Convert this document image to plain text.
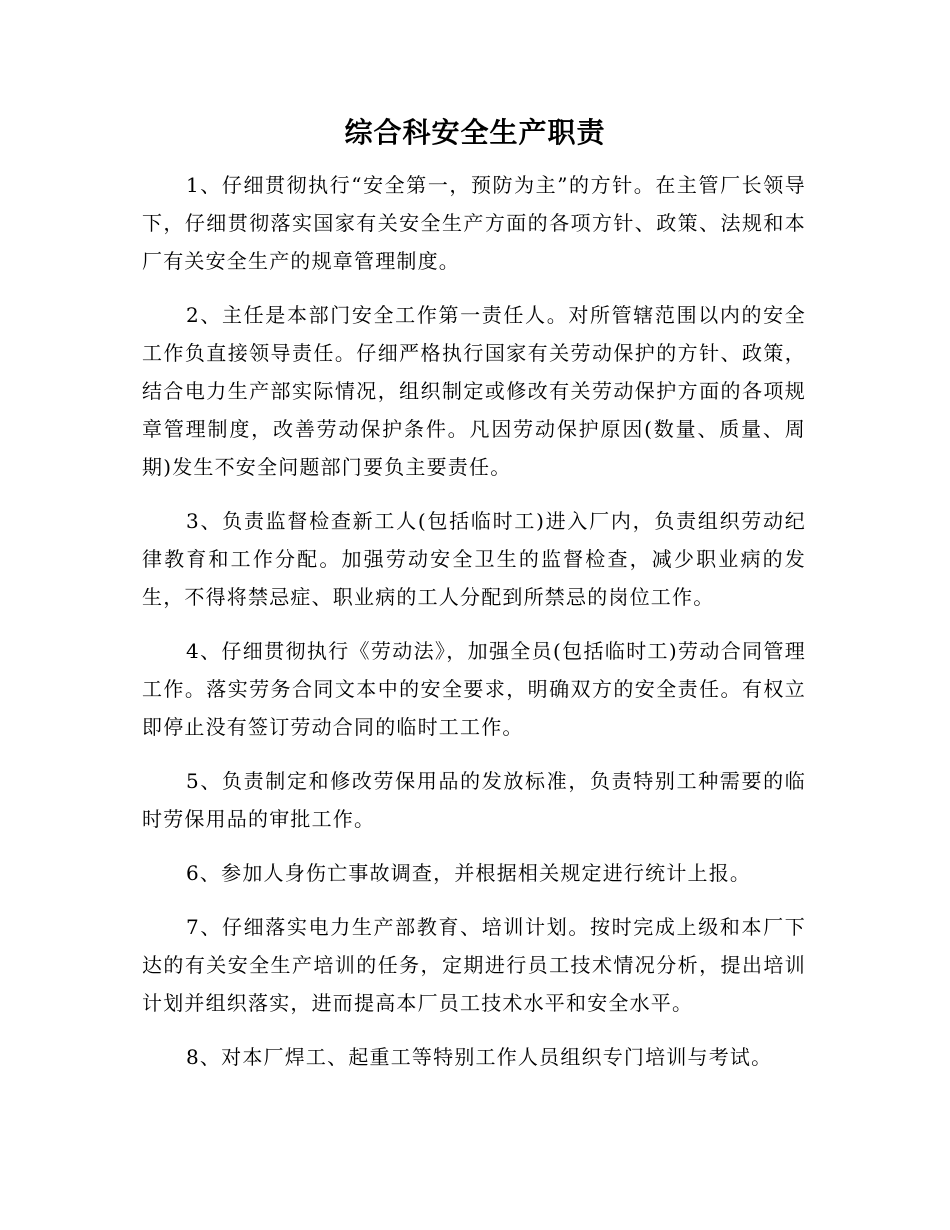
综合科安全生产职责

1、仔细贯彻执行“安全第一，预防为主”的方针。在主管厂长领导下，仔细贯彻落实国家有关安全生产方面的各项方针、政策、法规和本厂有关安全生产的规章管理制度。

2、主任是本部门安全工作第一责任人。对所管辖范围以内的安全工作负直接领导责任。仔细严格执行国家有关劳动保护的方针、政策，结合电力生产部实际情况，组织制定或修改有关劳动保护方面的各项规章管理制度，改善劳动保护条件。凡因劳动保护原因(数量、质量、周期)发生不安全问题部门要负主要责任。

3、负责监督检查新工人(包括临时工)进入厂内，负责组织劳动纪律教育和工作分配。加强劳动安全卫生的监督检查，减少职业病的发生，不得将禁忌症、职业病的工人分配到所禁忌的岗位工作。

4、仔细贯彻执行《劳动法》，加强全员(包括临时工)劳动合同管理工作。落实劳务合同文本中的安全要求，明确双方的安全责任。有权立即停止没有签订劳动合同的临时工工作。

5、负责制定和修改劳保用品的发放标准，负责特别工种需要的临时劳保用品的审批工作。

6、参加人身伤亡事故调查，并根据相关规定进行统计上报。

7、仔细落实电力生产部教育、培训计划。按时完成上级和本厂下达的有关安全生产培训的任务，定期进行员工技术情况分析，提出培训计划并组织落实，进而提高本厂员工技术水平和安全水平。

8、对本厂焊工、起重工等特别工作人员组织专门培训与考试。
